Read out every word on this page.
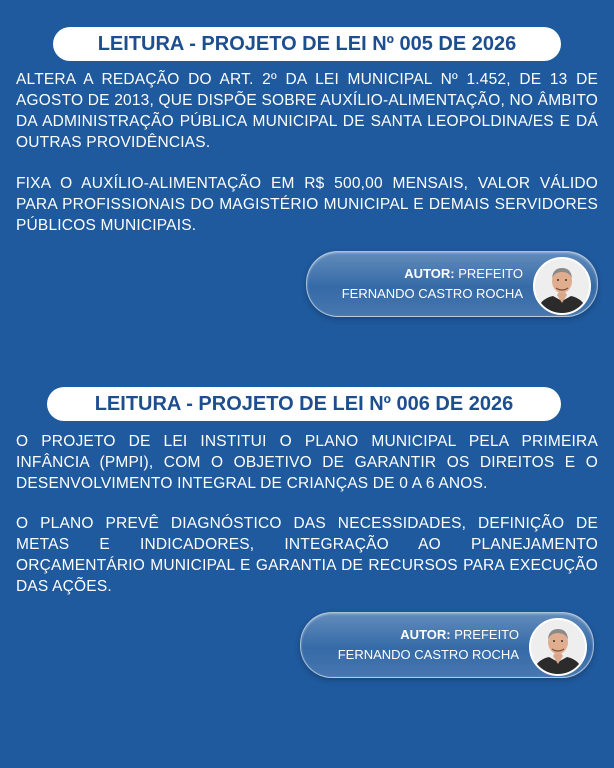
LEITURA - PROJETO DE LEI Nº 005 DE 2026

ALTERA A REDAÇÃO DO ART. 2º DA LEI MUNICIPAL Nº 1.452, DE 13 DE AGOSTO DE 2013, QUE DISPÕE SOBRE AUXÍLIO-ALIMENTAÇÃO, NO ÂMBITO DA ADMINISTRAÇÃO PÚBLICA MUNICIPAL DE SANTA LEOPOLDINA/ES E DÁ OUTRAS PROVIDÊNCIAS.

FIXA O AUXÍLIO-ALIMENTAÇÃO EM R$ 500,00 MENSAIS, VALOR VÁLIDO PARA PROFISSIONAIS DO MAGISTÉRIO MUNICIPAL E DEMAIS SERVIDORES PÚBLICOS MUNICIPAIS.

AUTOR: PREFEITO
FERNANDO CASTRO ROCHA
LEITURA - PROJETO DE LEI Nº 006 DE 2026

O PROJETO DE LEI INSTITUI O PLANO MUNICIPAL PELA PRIMEIRA INFÂNCIA (PMPI), COM O OBJETIVO DE GARANTIR OS DIREITOS E O DESENVOLVIMENTO INTEGRAL DE CRIANÇAS DE 0 A 6 ANOS.

O PLANO PREVÊ DIAGNÓSTICO DAS NECESSIDADES, DEFINIÇÃO DE METAS E INDICADORES, INTEGRAÇÃO AO PLANEJAMENTO ORÇAMENTÁRIO MUNICIPAL E GARANTIA DE RECURSOS PARA EXECUÇÃO DAS AÇÕES.

AUTOR: PREFEITO
FERNANDO CASTRO ROCHA
